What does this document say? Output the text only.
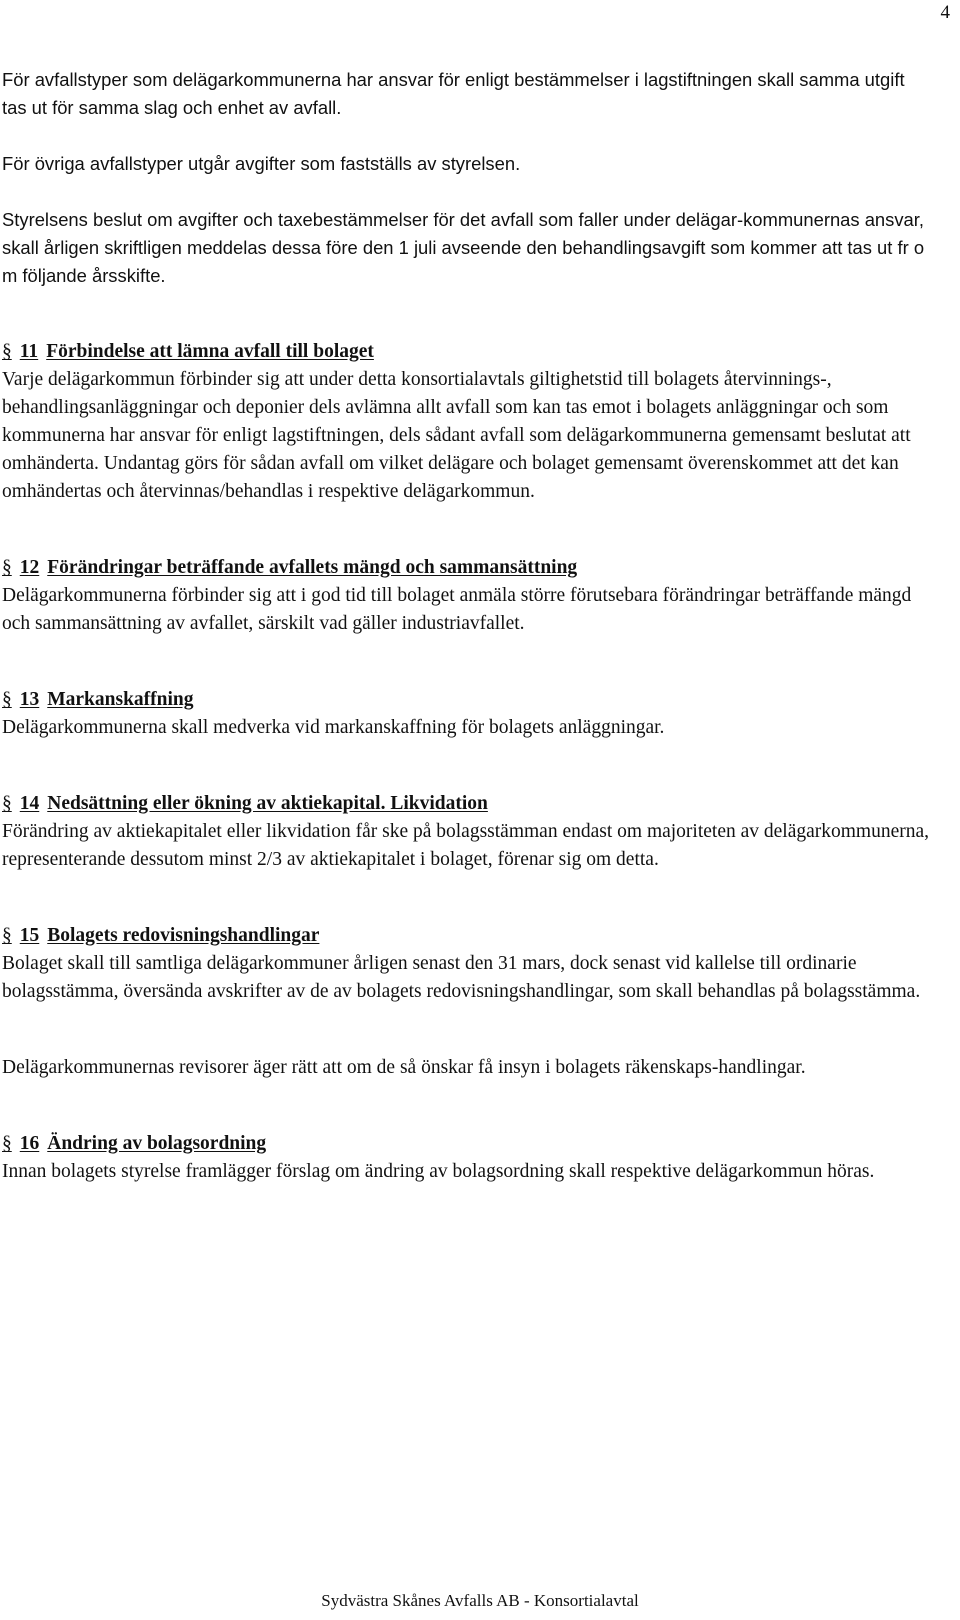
4

För avfallstyper som delägarkommunerna har ansvar för enligt bestämmelser i lagstiftningen skall samma utgift tas ut för samma slag och enhet av avfall.

För övriga avfallstyper utgår avgifter som fastställs av styrelsen.

Styrelsens beslut om avgifter och taxebestämmelser för det avfall som faller under delägar-kommunernas ansvar, skall årligen skriftligen meddelas dessa före den 1 juli avseende den behandlingsavgift som kommer att tas ut fr o m följande årsskifte.

§ 11 Förbindelse att lämna avfall till bolaget

Varje delägarkommun förbinder sig att under detta konsortialavtals giltighetstid till bolagets återvinnings-, behandlingsanläggningar och deponier dels avlämna allt avfall som kan tas emot i bolagets anläggningar och som kommunerna har ansvar för enligt lagstiftningen, dels sådant avfall som delägarkommunerna gemensamt beslutat att omhänderta. Undantag görs för sådan avfall om vilket delägare och bolaget gemensamt överenskommet att det kan omhändertas och återvinnas/behandlas i respektive delägarkommun.

§ 12 Förändringar beträffande avfallets mängd och sammansättning

Delägarkommunerna förbinder sig att i god tid till bolaget anmäla större förutsebara förändringar beträffande mängd och sammansättning av avfallet, särskilt vad gäller industriavfallet.

§ 13 Markanskaffning

Delägarkommunerna skall medverka vid markanskaffning för bolagets anläggningar.

§ 14 Nedsättning eller ökning av aktiekapital. Likvidation

Förändring av aktiekapitalet eller likvidation får ske på bolagsstämman endast om majoriteten av delägarkommunerna, representerande dessutom minst 2/3 av aktiekapitalet i bolaget, förenar sig om detta.

§ 15 Bolagets redovisningshandlingar

Bolaget skall till samtliga delägarkommuner årligen senast den 31 mars, dock senast vid kallelse till ordinarie bolagsstämma, översända avskrifter av de av bolagets redovisningshandlingar, som skall behandlas på bolagsstämma.

Delägarkommunernas revisorer äger rätt att om de så önskar få insyn i bolagets räkenskaps-handlingar.

§ 16 Ändring av bolagsordning

Innan bolagets styrelse framlägger förslag om ändring av bolagsordning skall respektive delägarkommun höras.

Sydvästra Skånes Avfalls AB - Konsortialavtal
